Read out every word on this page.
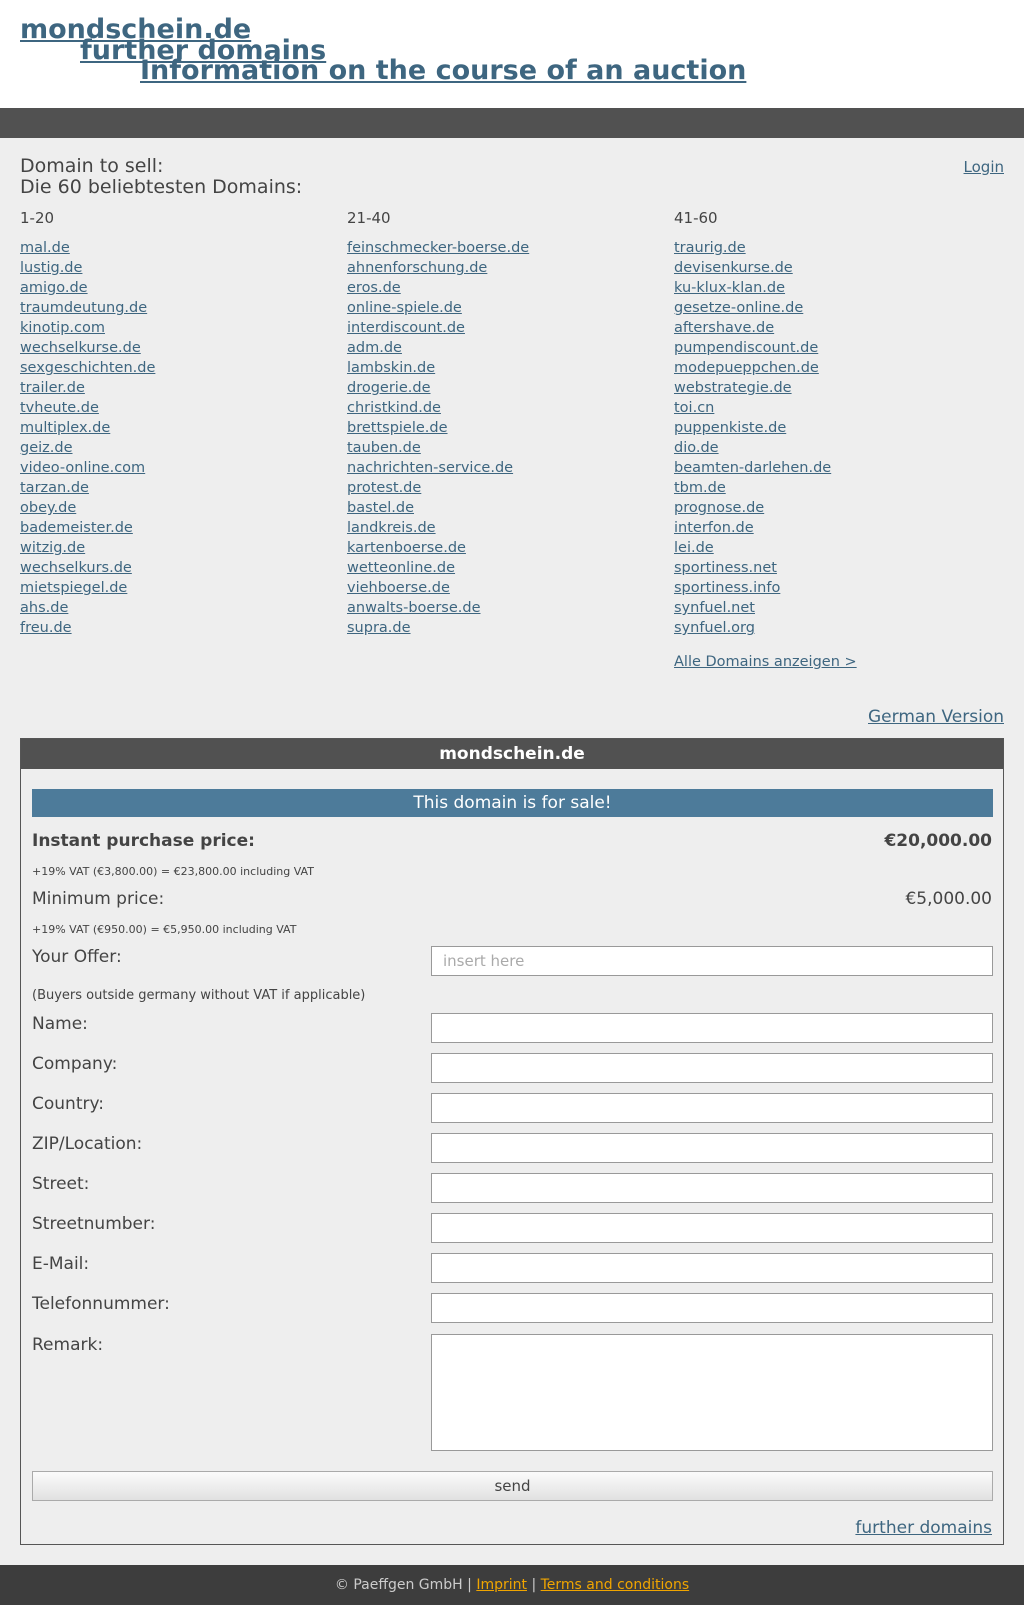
mondschein.de
further domains
Information on the course of an auction
Login
Domain to sell:
Die 60 beliebtesten Domains:
1-20
mal.de
lustig.de
amigo.de
traumdeutung.de
kinotip.com
wechselkurse.de
sexgeschichten.de
trailer.de
tvheute.de
multiplex.de
geiz.de
video-online.com
tarzan.de
obey.de
bademeister.de
witzig.de
wechselkurs.de
mietspiegel.de
ahs.de
freu.de
21-40
feinschmecker-boerse.de
ahnenforschung.de
eros.de
online-spiele.de
interdiscount.de
adm.de
lambskin.de
drogerie.de
christkind.de
brettspiele.de
tauben.de
nachrichten-service.de
protest.de
bastel.de
landkreis.de
kartenboerse.de
wetteonline.de
viehboerse.de
anwalts-boerse.de
supra.de
41-60
traurig.de
devisenkurse.de
ku-klux-klan.de
gesetze-online.de
aftershave.de
pumpendiscount.de
modepueppchen.de
webstrategie.de
toi.cn
puppenkiste.de
dio.de
beamten-darlehen.de
tbm.de
prognose.de
interfon.de
lei.de
sportiness.net
sportiness.info
synfuel.net
synfuel.org
Alle Domains anzeigen >
German Version
mondschein.de
This domain is for sale!
Instant purchase price:	€20,000.00
+19% VAT (€3,800.00) = €23,800.00 including VAT
Minimum price:	€5,000.00
+19% VAT (€950.00) = €5,950.00 including VAT
Your Offer:
insert here
(Buyers outside germany without VAT if applicable)
Name:
Company:
Country:
ZIP/Location:
Street:
Streetnumber:
E-Mail:
Telefonnummer:
Remark:
send
further domains
© Paeffgen GmbH | Imprint | Terms and conditions
